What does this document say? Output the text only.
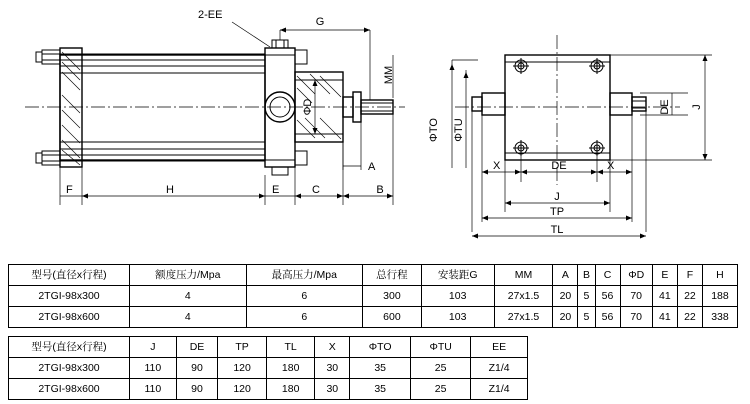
2-EE
G
MM
ΦD
A
F	H	E	C	B
ΦTO ΦTU
DE J
X	DE	X
J
TP
TL
型号(直径x行程)	额度压力/Mpa	最高压力/Mpa	总行程	安装距G	MM	A	B	C	ΦD	E	F	H
2TGI-98x300	4	6	300	103	27x1.5	20	5	56	70	41	22	188
2TGI-98x600	4	6	600	103	27x1.5	20	5	56	70	41	22	338
型号(直径x行程)	J	DE	TP	TL	X	ΦTO	ΦTU	EE
2TGI-98x300	110	90	120	180	30	35	25	Z1/4
2TGI-98x600	110	90	120	180	30	35	25	Z1/4
